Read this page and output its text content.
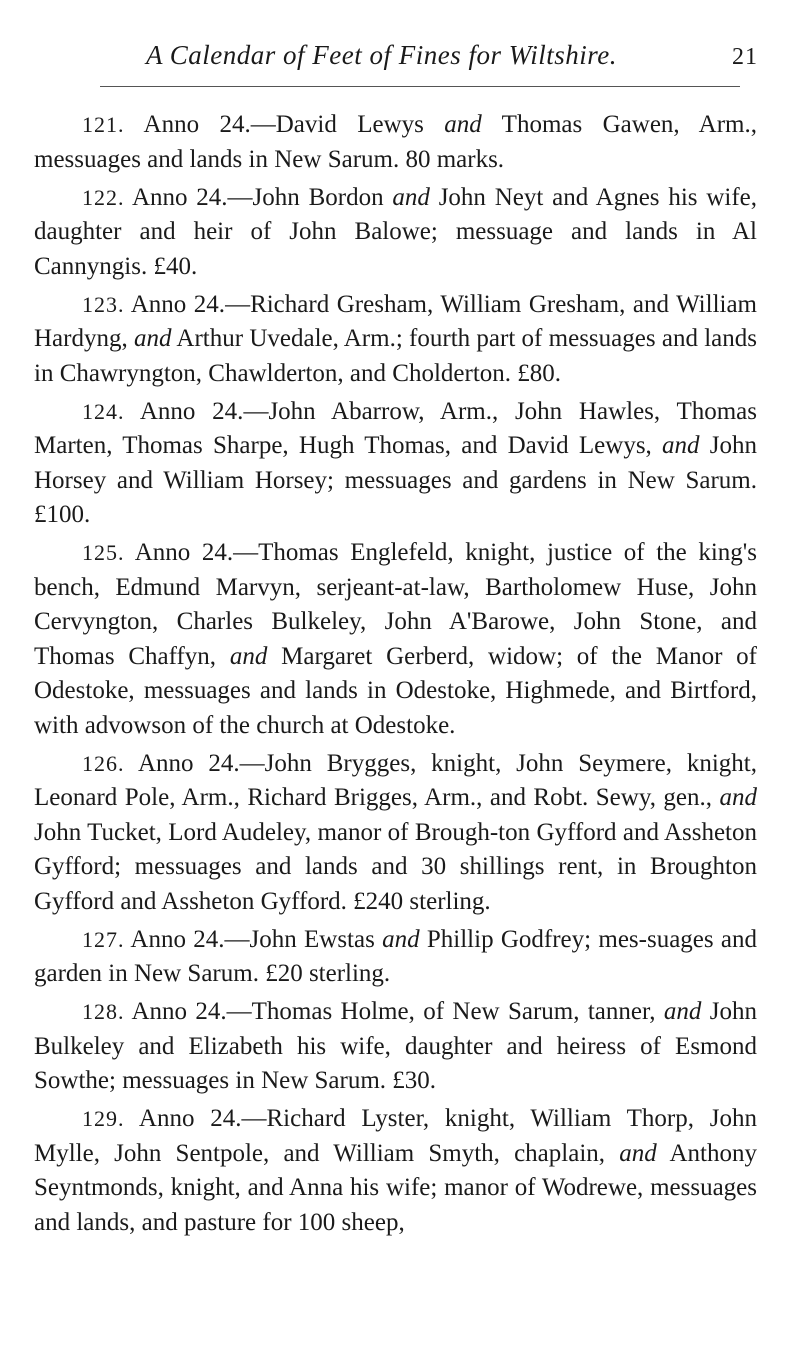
A Calendar of Feet of Fines for Wiltshire.	21

121. Anno 24.—David Lewys and Thomas Gawen, Arm., messuages and lands in New Sarum. 80 marks.

122. Anno 24.—John Bordon and John Neyt and Agnes his wife, daughter and heir of John Balowe; messuage and lands in Al Cannyngis. £40.

123. Anno 24.—Richard Gresham, William Gresham, and William Hardyng, and Arthur Uvedale, Arm.; fourth part of messuages and lands in Chawryngton, Chawlderton, and Cholderton. £80.

124. Anno 24.—John Abarrow, Arm., John Hawles, Thomas Marten, Thomas Sharpe, Hugh Thomas, and David Lewys, and John Horsey and William Horsey; messuages and gardens in New Sarum. £100.

125. Anno 24.—Thomas Englefeld, knight, justice of the king's bench, Edmund Marvyn, serjeant-at-law, Bartholomew Huse, John Cervyngton, Charles Bulkeley, John A'Barowe, John Stone, and Thomas Chaffyn, and Margaret Gerberd, widow; of the Manor of Odestoke, messuages and lands in Odestoke, Highmede, and Birtford, with advowson of the church at Odestoke.

126. Anno 24.—John Brygges, knight, John Seymere, knight, Leonard Pole, Arm., Richard Brigges, Arm., and Robt. Sewy, gen., and John Tucket, Lord Audeley, manor of Brough-ton Gyfford and Assheton Gyfford; messuages and lands and 30 shillings rent, in Broughton Gyfford and Assheton Gyfford. £240 sterling.

127. Anno 24.—John Ewstas and Phillip Godfrey; mes-suages and garden in New Sarum. £20 sterling.

128. Anno 24.—Thomas Holme, of New Sarum, tanner, and John Bulkeley and Elizabeth his wife, daughter and heiress of Esmond Sowthe; messuages in New Sarum. £30.

129. Anno 24.—Richard Lyster, knight, William Thorp, John Mylle, John Sentpole, and William Smyth, chaplain, and Anthony Seyntmonds, knight, and Anna his wife; manor of Wodrewe, messuages and lands, and pasture for 100 sheep,
